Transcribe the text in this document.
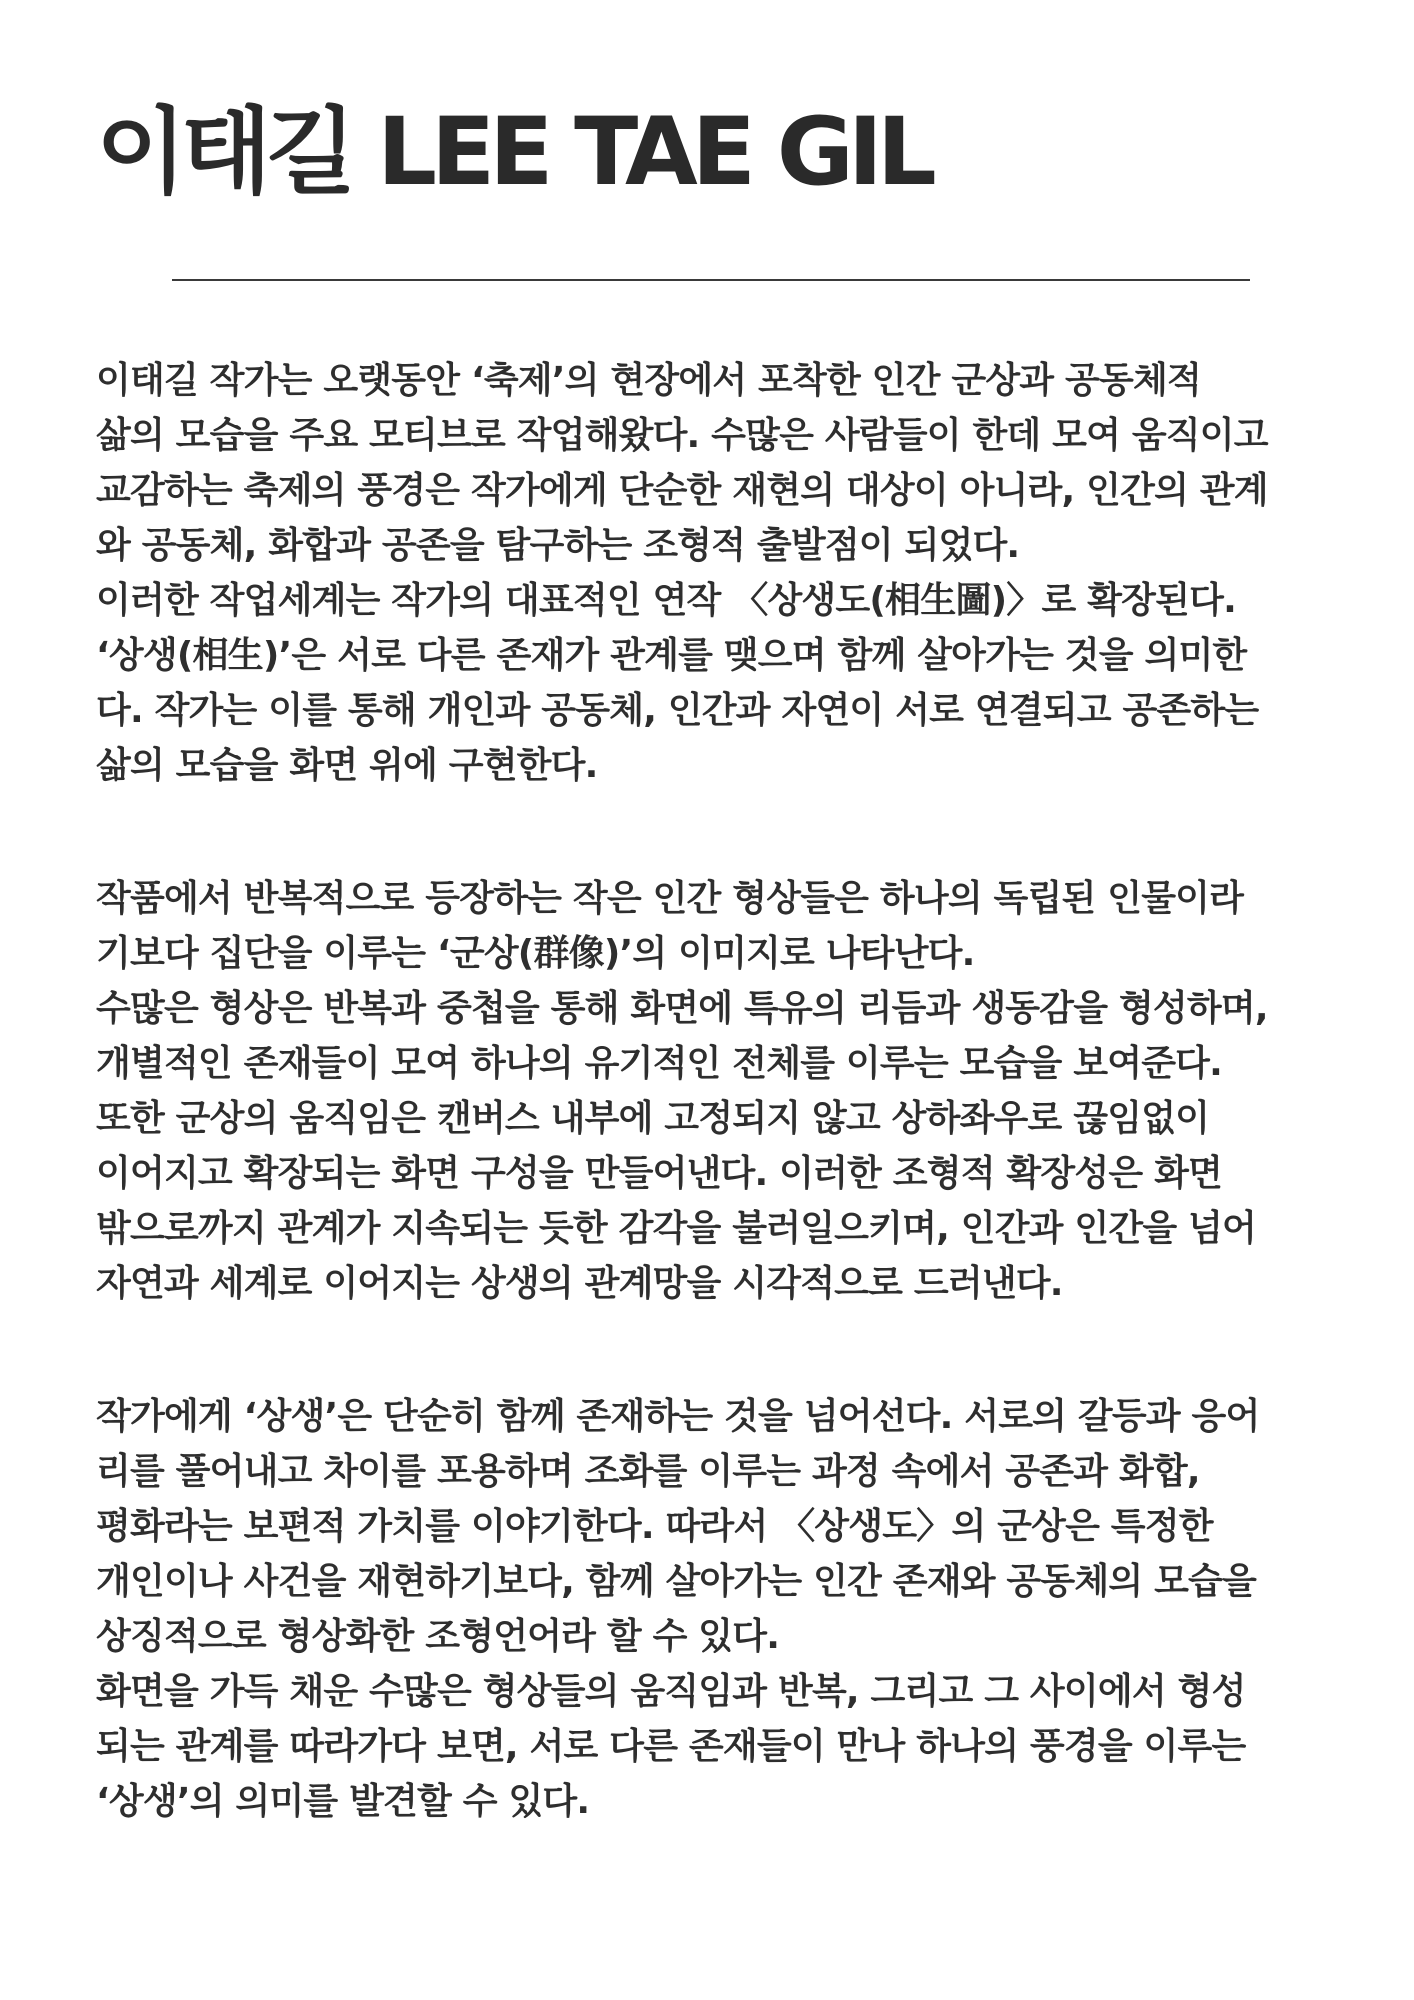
이태길 LEE TAE GIL
이태길 작가는 오랫동안 ‘축제’의 현장에서 포착한 인간 군상과 공동체적
삶의 모습을 주요 모티브로 작업해왔다. 수많은 사람들이 한데 모여 움직이고
교감하는 축제의 풍경은 작가에게 단순한 재현의 대상이 아니라, 인간의 관계
와 공동체, 화합과 공존을 탐구하는 조형적 출발점이 되었다.
이러한 작업세계는 작가의 대표적인 연작 〈상생도(相生圖)〉로 확장된다.
‘상생(相生)’은 서로 다른 존재가 관계를 맺으며 함께 살아가는 것을 의미한
다. 작가는 이를 통해 개인과 공동체, 인간과 자연이 서로 연결되고 공존하는
삶의 모습을 화면 위에 구현한다.
작품에서 반복적으로 등장하는 작은 인간 형상들은 하나의 독립된 인물이라
기보다 집단을 이루는 ‘군상(群像)’의 이미지로 나타난다.
수많은 형상은 반복과 중첩을 통해 화면에 특유의 리듬과 생동감을 형성하며,
개별적인 존재들이 모여 하나의 유기적인 전체를 이루는 모습을 보여준다.
또한 군상의 움직임은 캔버스 내부에 고정되지 않고 상하좌우로 끊임없이
이어지고 확장되는 화면 구성을 만들어낸다. 이러한 조형적 확장성은 화면
밖으로까지 관계가 지속되는 듯한 감각을 불러일으키며, 인간과 인간을 넘어
자연과 세계로 이어지는 상생의 관계망을 시각적으로 드러낸다.
작가에게 ‘상생’은 단순히 함께 존재하는 것을 넘어선다. 서로의 갈등과 응어
리를 풀어내고 차이를 포용하며 조화를 이루는 과정 속에서 공존과 화합,
평화라는 보편적 가치를 이야기한다. 따라서 〈상생도〉의 군상은 특정한
개인이나 사건을 재현하기보다, 함께 살아가는 인간 존재와 공동체의 모습을
상징적으로 형상화한 조형언어라 할 수 있다.
화면을 가득 채운 수많은 형상들의 움직임과 반복, 그리고 그 사이에서 형성
되는 관계를 따라가다 보면, 서로 다른 존재들이 만나 하나의 풍경을 이루는
‘상생’의 의미를 발견할 수 있다.
